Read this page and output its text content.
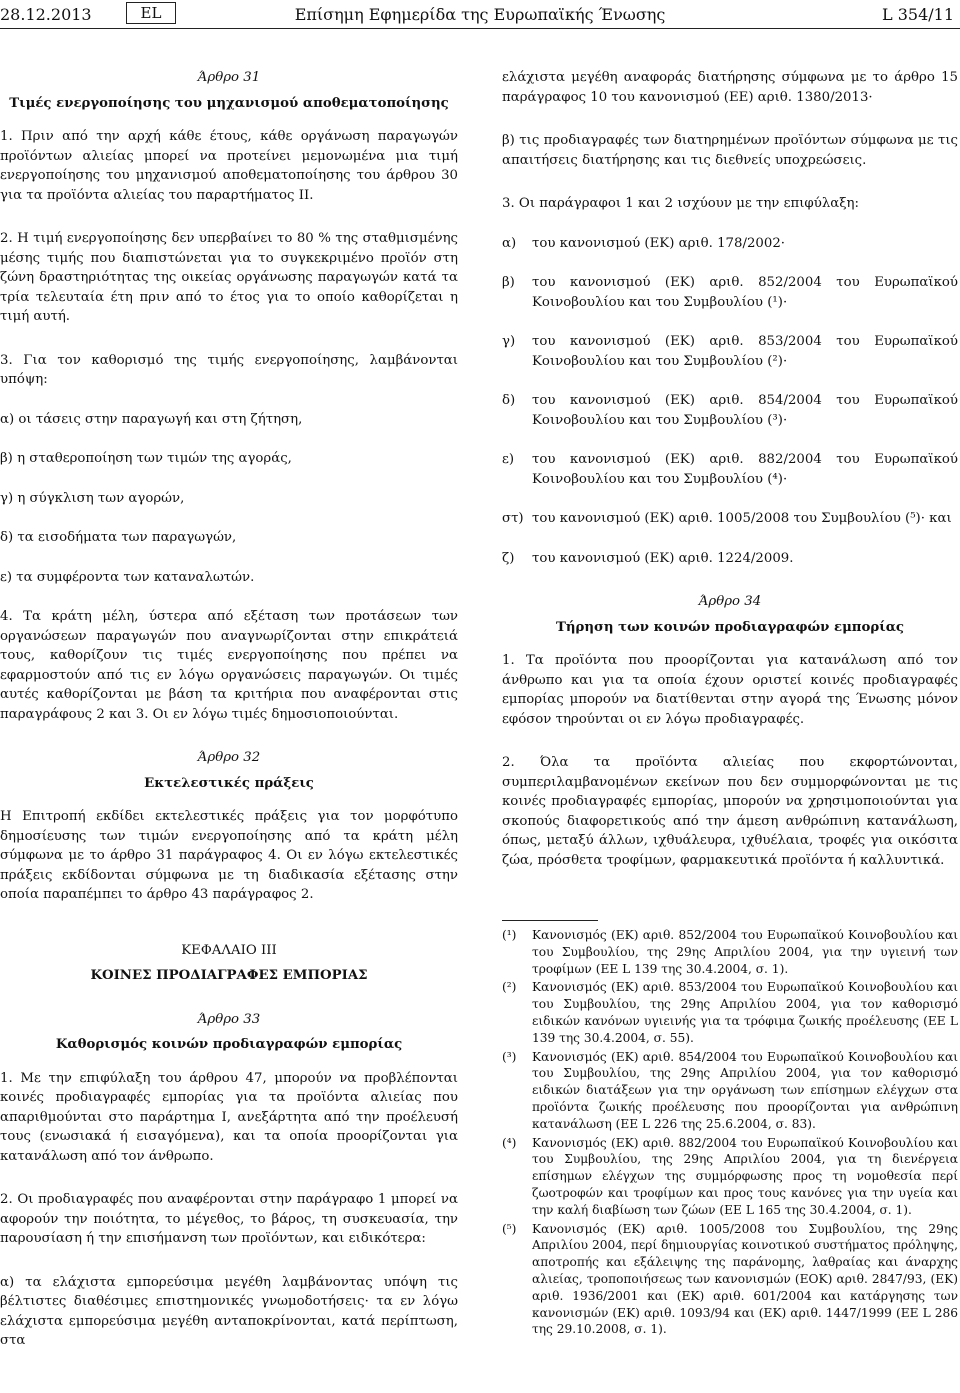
Επίσημη Εφημερίδα της Ευρωπαϊκής Ένωσης
28.12.2013	EL	L 354/11

Άρθρο 31

Τιμές ενεργοποίησης του μηχανισμού αποθεματοποίησης

1. Πριν από την αρχή κάθε έτους, κάθε οργάνωση παραγωγών προϊόντων αλιείας μπορεί να προτείνει μεμονωμένα μια τιμή ενεργοποίησης του μηχανισμού αποθεματοποίησης του άρθρου 30 για τα προϊόντα αλιείας του παραρτήματος II.

2. Η τιμή ενεργοποίησης δεν υπερβαίνει το 80 % της σταθμισμένης μέσης τιμής που διαπιστώνεται για το συγκεκριμένο προϊόν στη ζώνη δραστηριότητας της οικείας οργάνωσης παραγωγών κατά τα τρία τελευταία έτη πριν από το έτος για το οποίο καθορίζεται η τιμή αυτή.

3. Για τον καθορισμό της τιμής ενεργοποίησης, λαμβάνονται υπόψη:

α) οι τάσεις στην παραγωγή και στη ζήτηση,

β) η σταθεροποίηση των τιμών της αγοράς,

γ) η σύγκλιση των αγορών,

δ) τα εισοδήματα των παραγωγών,

ε) τα συμφέροντα των καταναλωτών.

4. Τα κράτη μέλη, ύστερα από εξέταση των προτάσεων των οργανώσεων παραγωγών που αναγνωρίζονται στην επικράτειά τους, καθορίζουν τις τιμές ενεργοποίησης που πρέπει να εφαρμοστούν από τις εν λόγω οργανώσεις παραγωγών. Οι τιμές αυτές καθορίζονται με βάση τα κριτήρια που αναφέρονται στις παραγράφους 2 και 3. Οι εν λόγω τιμές δημοσιοποιούνται.

Άρθρο 32

Εκτελεστικές πράξεις

Η Επιτροπή εκδίδει εκτελεστικές πράξεις για τον μορφότυπο δημοσίευσης των τιμών ενεργοποίησης από τα κράτη μέλη σύμφωνα με το άρθρο 31 παράγραφος 4. Οι εν λόγω εκτελεστικές πράξεις εκδίδονται σύμφωνα με τη διαδικασία εξέτασης στην οποία παραπέμπει το άρθρο 43 παράγραφος 2.

ΚΕΦΑΛΑΙΟ III

ΚΟΙΝΕΣ ΠΡΟΔΙΑΓΡΑΦΕΣ ΕΜΠΟΡΙΑΣ

Άρθρο 33

Καθορισμός κοινών προδιαγραφών εμπορίας

1. Με την επιφύλαξη του άρθρου 47, μπορούν να προβλέπονται κοινές προδιαγραφές εμπορίας για τα προϊόντα αλιείας που απαριθμούνται στο παράρτημα I, ανεξάρτητα από την προέλευσή τους (ενωσιακά ή εισαγόμενα), και τα οποία προορίζονται για κατανάλωση από τον άνθρωπο.

2. Οι προδιαγραφές που αναφέρονται στην παράγραφο 1 μπορεί να αφορούν την ποιότητα, το μέγεθος, το βάρος, τη συσκευασία, την παρουσίαση ή την επισήμανση των προϊόντων, και ειδικότερα:

α) τα ελάχιστα εμπορεύσιμα μεγέθη λαμβάνοντας υπόψη τις βέλτιστες διαθέσιμες επιστημονικές γνωμοδοτήσεις· τα εν λόγω ελάχιστα εμπορεύσιμα μεγέθη ανταποκρίνονται, κατά περίπτωση, στα

ελάχιστα μεγέθη αναφοράς διατήρησης σύμφωνα με το άρθρο 15 παράγραφος 10 του κανονισμού (ΕΕ) αριθ. 1380/2013·

β) τις προδιαγραφές των διατηρημένων προϊόντων σύμφωνα με τις απαιτήσεις διατήρησης και τις διεθνείς υποχρεώσεις.

3. Οι παράγραφοι 1 και 2 ισχύουν με την επιφύλαξη:

α) του κανονισμού (ΕΚ) αριθ. 178/2002·
β) του κανονισμού (ΕΚ) αριθ. 852/2004 του Ευρωπαϊκού Κοινοβουλίου και του Συμβουλίου (¹)·
γ) του κανονισμού (ΕΚ) αριθ. 853/2004 του Ευρωπαϊκού Κοινοβουλίου και του Συμβουλίου (²)·
δ) του κανονισμού (ΕΚ) αριθ. 854/2004 του Ευρωπαϊκού Κοινοβουλίου και του Συμβουλίου (³)·
ε) του κανονισμού (ΕΚ) αριθ. 882/2004 του Ευρωπαϊκού Κοινοβουλίου και του Συμβουλίου (⁴)·
στ) του κανονισμού (ΕΚ) αριθ. 1005/2008 του Συμβουλίου (⁵)· και
ζ) του κανονισμού (ΕΚ) αριθ. 1224/2009.

Άρθρο 34

Τήρηση των κοινών προδιαγραφών εμπορίας

1. Τα προϊόντα που προορίζονται για κατανάλωση από τον άνθρωπο και για τα οποία έχουν οριστεί κοινές προδιαγραφές εμπορίας μπορούν να διατίθενται στην αγορά της Ένωσης μόνον εφόσον τηρούνται οι εν λόγω προδιαγραφές.

2. Όλα τα προϊόντα αλιείας που εκφορτώνονται, συμπεριλαμβανομένων εκείνων που δεν συμμορφώνονται με τις κοινές προδιαγραφές εμπορίας, μπορούν να χρησιμοποιούνται για σκοπούς διαφορετικούς από την άμεση ανθρώπινη κατανάλωση, όπως, μεταξύ άλλων, ιχθυάλευρα, ιχθυέλαια, τροφές για οικόσιτα ζώα, πρόσθετα τροφίμων, φαρμακευτικά προϊόντα ή καλλυντικά.

(¹) Κανονισμός (ΕΚ) αριθ. 852/2004 του Ευρωπαϊκού Κοινοβουλίου και του Συμβουλίου, της 29ης Απριλίου 2004, για την υγιεινή των τροφίμων (ΕΕ L 139 της 30.4.2004, σ. 1).
(²) Κανονισμός (ΕΚ) αριθ. 853/2004 του Ευρωπαϊκού Κοινοβουλίου και του Συμβουλίου, της 29ης Απριλίου 2004, για τον καθορισμό ειδικών κανόνων υγιεινής για τα τρόφιμα ζωικής προέλευσης (ΕΕ L 139 της 30.4.2004, σ. 55).
(³) Κανονισμός (ΕΚ) αριθ. 854/2004 του Ευρωπαϊκού Κοινοβουλίου και του Συμβουλίου, της 29ης Απριλίου 2004, για τον καθορισμό ειδικών διατάξεων για την οργάνωση των επίσημων ελέγχων στα προϊόντα ζωικής προέλευσης που προορίζονται για ανθρώπινη κατανάλωση (ΕΕ L 226 της 25.6.2004, σ. 83).
(⁴) Κανονισμός (ΕΚ) αριθ. 882/2004 του Ευρωπαϊκού Κοινοβουλίου και του Συμβουλίου, της 29ης Απριλίου 2004, για τη διενέργεια επίσημων ελέγχων της συμμόρφωσης προς τη νομοθεσία περί ζωοτροφών και τροφίμων και προς τους κανόνες για την υγεία και την καλή διαβίωση των ζώων (ΕΕ L 165 της 30.4.2004, σ. 1).
(⁵) Κανονισμός (ΕΚ) αριθ. 1005/2008 του Συμβουλίου, της 29ης Απριλίου 2004, περί δημιουργίας κοινοτικού συστήματος πρόληψης, αποτροπής και εξάλειψης της παράνομης, λαθραίας και άναρχης αλιείας, τροποποιήσεως των κανονισμών (ΕΟΚ) αριθ. 2847/93, (ΕΚ) αριθ. 1936/2001 και (ΕΚ) αριθ. 601/2004 και κατάργησης των κανονισμών (ΕΚ) αριθ. 1093/94 και (ΕΚ) αριθ. 1447/1999 (ΕΕ L 286 της 29.10.2008, σ. 1).
